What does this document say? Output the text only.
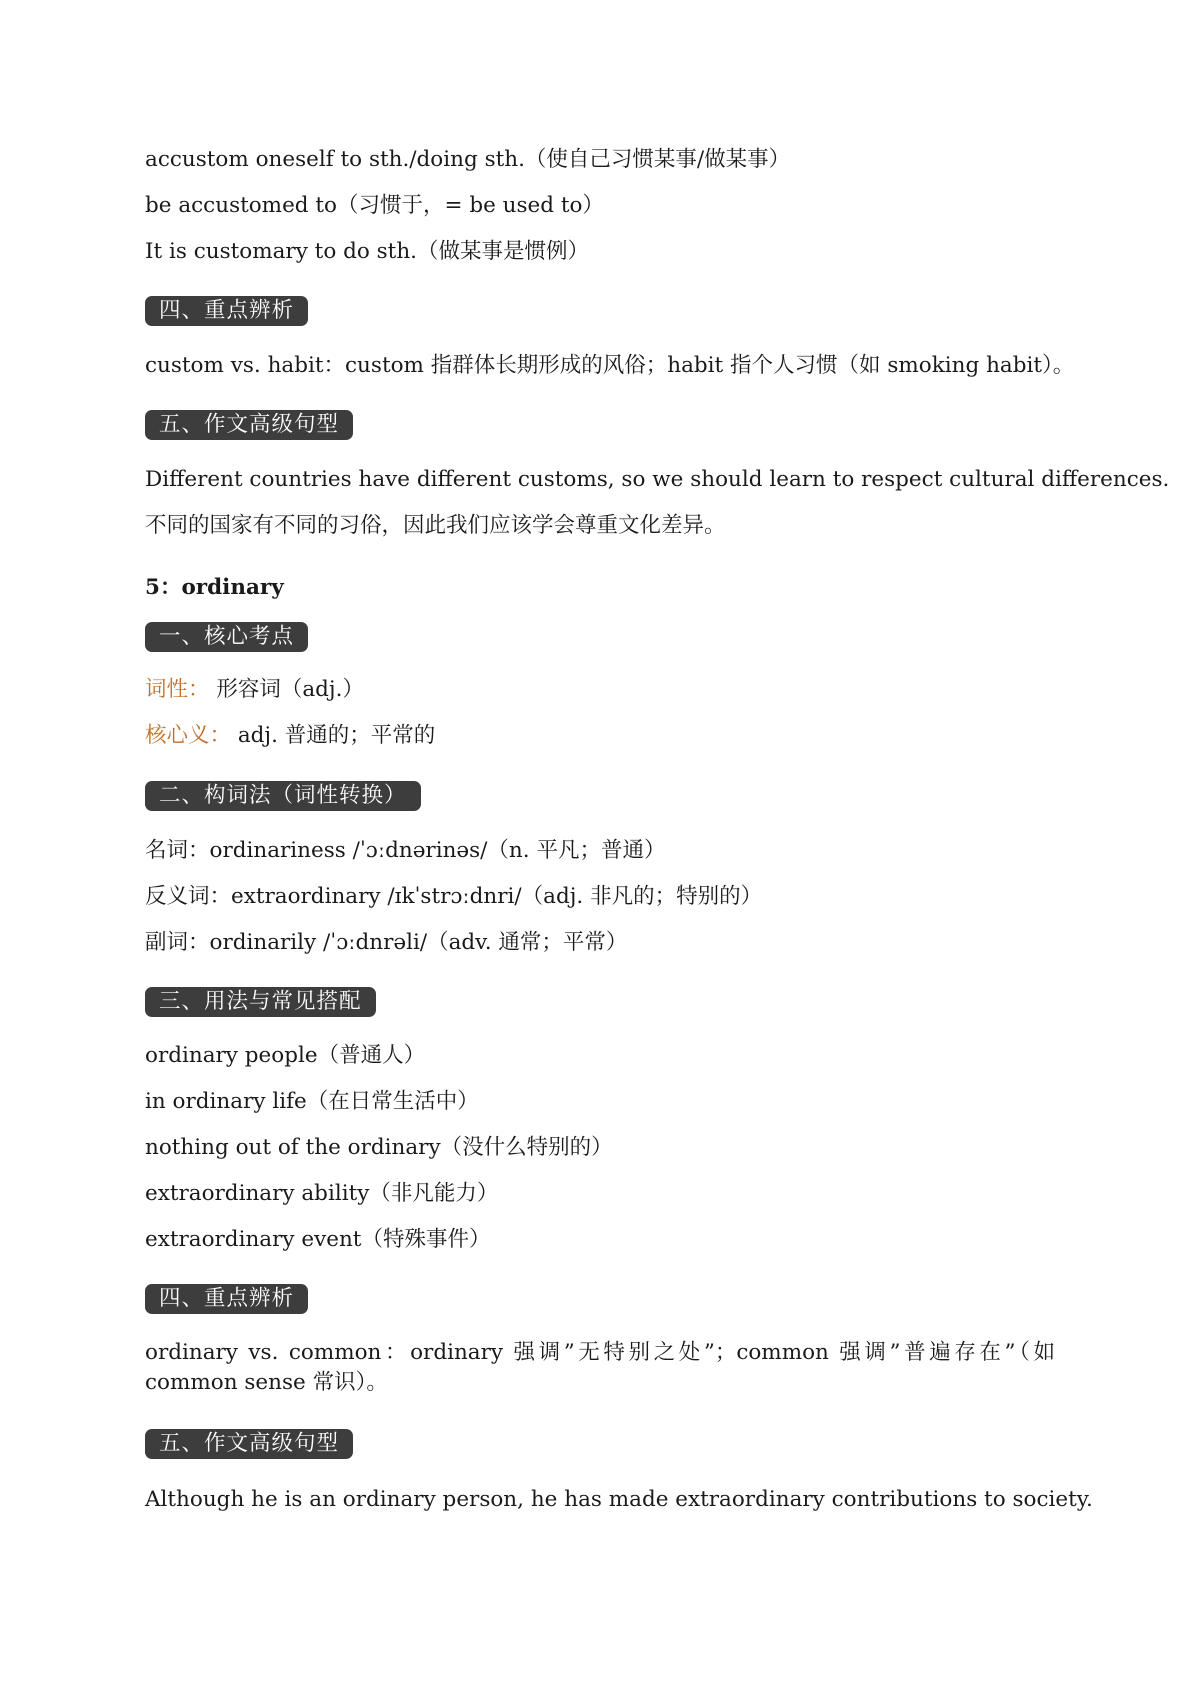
accustom oneself to sth./doing sth.（使自己习惯某事/做某事）
be accustomed to（习惯于，= be used to）
It is customary to do sth.（做某事是惯例）
四、重点辨析
custom vs. habit：custom 指群体长期形成的风俗；habit 指个人习惯（如 smoking habit）。
五、作文高级句型
Different countries have different customs, so we should learn to respect cultural differences.
不同的国家有不同的习俗，因此我们应该学会尊重文化差异。
5：ordinary
一、核心考点
词性： 形容词（adj.）
核心义： adj. 普通的；平常的
二、构词法（词性转换）
名词：ordinariness /ˈɔːdnərinəs/（n. 平凡；普通）
反义词：extraordinary /ɪkˈstrɔːdnri/（adj. 非凡的；特别的）
副词：ordinarily /ˈɔːdnrəli/（adv. 通常；平常）
三、用法与常见搭配
ordinary people（普通人）
in ordinary life（在日常生活中）
nothing out of the ordinary（没什么特别的）
extraordinary ability（非凡能力）
extraordinary event（特殊事件）
四、重点辨析
ordinary vs. common：ordinary 强调”无特别之处”；common 强调”普遍存在”（如 common sense 常识）。
五、作文高级句型
Although he is an ordinary person, he has made extraordinary contributions to society.
